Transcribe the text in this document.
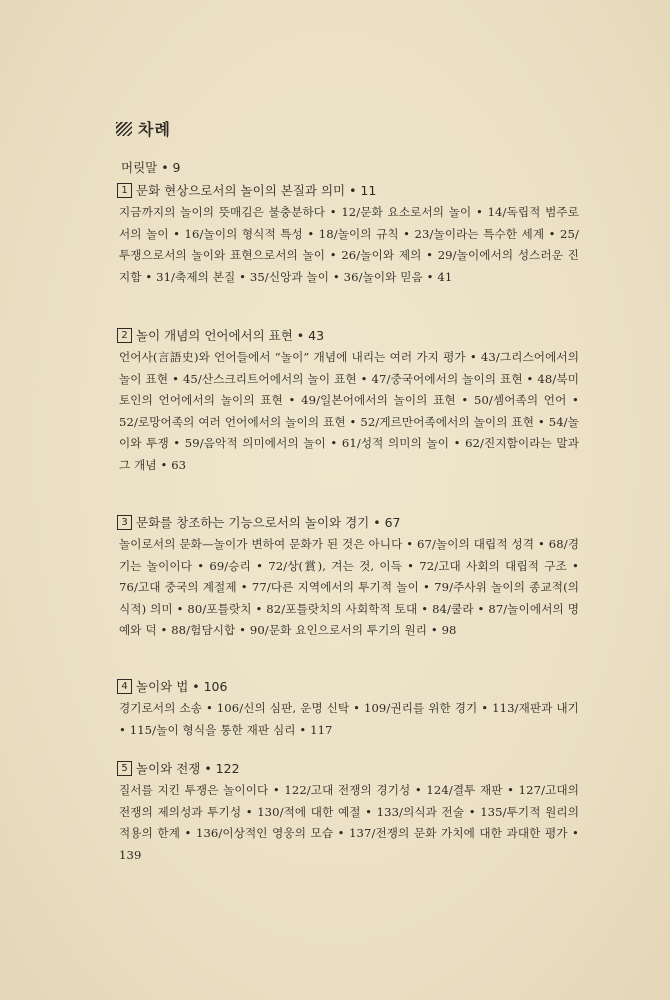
차례
머릿말 • 9
1 문화 현상으로서의 놀이의 본질과 의미 • 11

지금까지의 놀이의 뜻매김은 불충분하다 • 12/문화 요소로서의 놀이 • 14/독립적 범주로서의 놀이 • 16/놀이의 형식적 특성 • 18/놀이의 규칙 • 23/놀이라는 특수한 세계 • 25/투쟁으로서의 놀이와 표현으로서의 놀이 • 26/놀이와 제의 • 29/놀이에서의 성스러운 진지함 • 31/축제의 본질 • 35/신앙과 놀이 • 36/놀이와 믿음 • 41

2 놀이 개념의 언어에서의 표현 • 43

언어사(言語史)와 언어들에서 “놀이” 개념에 내리는 여러 가지 평가 • 43/그리스어에서의 놀이 표현 • 45/산스크리트어에서의 놀이 표현 • 47/중국어에서의 놀이의 표현 • 48/북미 토인의 언어에서의 놀이의 표현 • 49/일본어에서의 놀이의 표현 • 50/셈어족의 언어 • 52/로망어족의 여러 언어에서의 놀이의 표현 • 52/게르만어족에서의 놀이의 표현 • 54/놀이와 투쟁 • 59/음악적 의미에서의 놀이 • 61/성적 의미의 놀이 • 62/진지함이라는 말과 그 개념 • 63

3 문화를 창조하는 기능으로서의 놀이와 경기 • 67

놀이로서의 문화—놀이가 변하여 문화가 된 것은 아니다 • 67/놀이의 대립적 성격 • 68/경기는 놀이이다 • 69/승리 • 72/상(賞), 겨는 것, 이득 • 72/고대 사회의 대립적 구조 • 76/고대 중국의 계절제 • 77/다른 지역에서의 투기적 놀이 • 79/주사위 놀이의 종교적(의식적) 의미 • 80/포틀랏치 • 82/포틀랏치의 사회학적 토대 • 84/쿨라 • 87/놀이에서의 명예와 덕 • 88/험담시합 • 90/문화 요인으로서의 투기의 원리 • 98

4 놀이와 법 • 106

경기로서의 소송 • 106/신의 심판, 운명 신탁 • 109/권리를 위한 경기 • 113/재판과 내기 • 115/놀이 형식을 통한 재판 심리 • 117

5 놀이와 전쟁 • 122

질서를 지킨 투쟁은 놀이이다 • 122/고대 전쟁의 경기성 • 124/결투 재판 • 127/고대의 전쟁의 제의성과 투기성 • 130/적에 대한 예절 • 133/의식과 전술 • 135/투기적 원리의 적용의 한계 • 136/이상적인 영웅의 모습 • 137/전쟁의 문화 가치에 대한 과대한 평가 • 139
